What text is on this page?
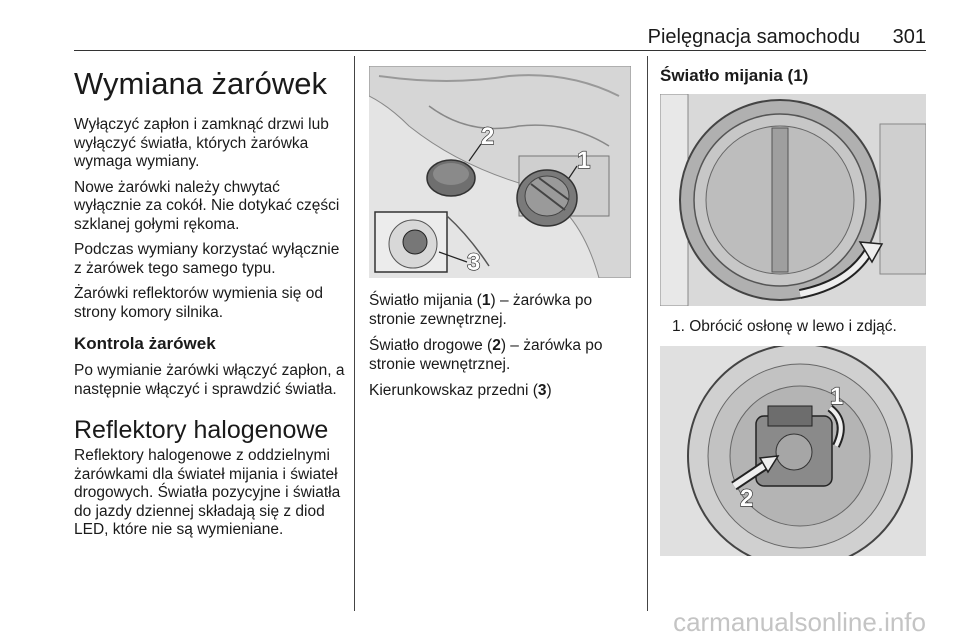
Pielęgnacja samochodu 301
Wymiana żarówek

Wyłączyć zapłon i zamknąć drzwi lub wyłączyć światła, których żarówka wymaga wymiany.

Nowe żarówki należy chwytać wyłącznie za cokół. Nie dotykać części szklanej gołymi rękoma.

Podczas wymiany korzystać wyłącznie z żarówek tego samego typu.

Żarówki reflektorów wymienia się od strony komory silnika.

Kontrola żarówek

Po wymianie żarówki włączyć zapłon, a następnie włączyć i sprawdzić światła.

Reflektory halogenowe

Reflektory halogenowe z oddzielnymi żarówkami dla świateł mijania i świateł drogowych. Światła pozycyjne i światła do jazdy dziennej składają się z diod LED, które nie są wymieniane.

2
1
3

Światło mijania (1) – żarówka po stronie zewnętrznej.

Światło drogowe (2) – żarówka po stronie wewnętrznej.

Kierunkowskaz przedni (3)

Światło mijania (1)
1. Obrócić osłonę w lewo i zdjąć.
1
2
carmanualsonline.info
